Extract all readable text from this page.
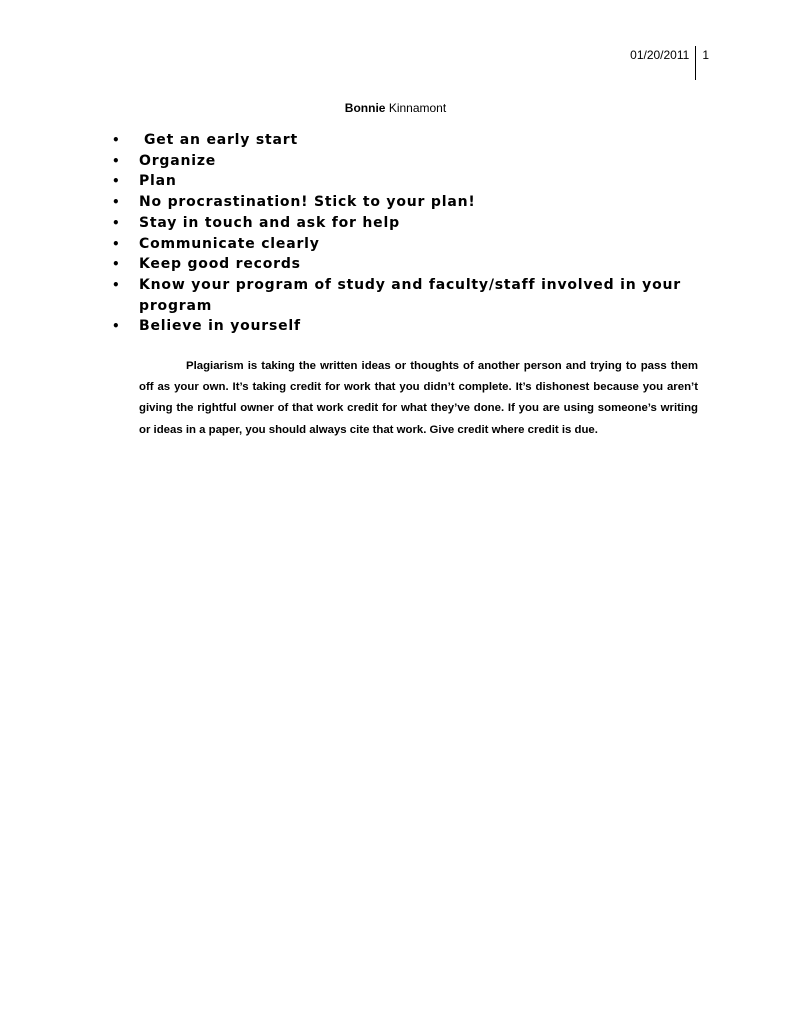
01/20/2011	1
Bonnie Kinnamont
•	Get an early start
•	Organize
•	Plan
•	No procrastination! Stick to your plan!
•	Stay in touch and ask for help
•	Communicate clearly
•	Keep good records
•	Know your program of study and faculty/staff involved in your program
•	Believe in yourself

Plagiarism is taking the written ideas or thoughts of another person and trying to pass them off as your own. It’s taking credit for work that you didn’t complete. It’s dishonest because you aren’t giving the rightful owner of that work credit for what they’ve done. If you are using someone’s writing or ideas in a paper, you should always cite that work. Give credit where credit is due.
